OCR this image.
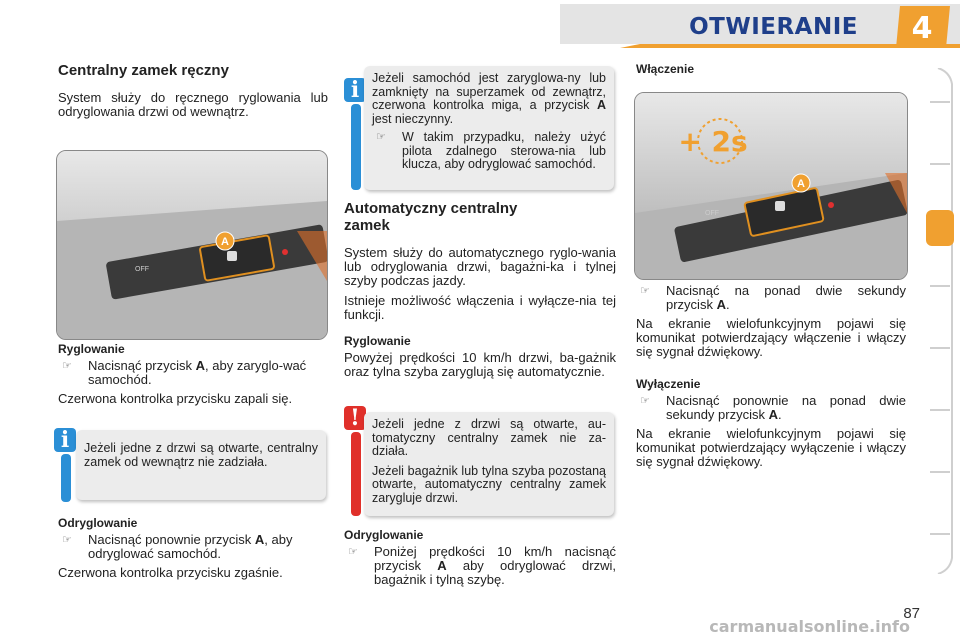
OTWIERANIE	4
Centralny zamek ręczny

System służy do ręcznego ryglowania lub odryglowania drzwi od wewnątrz.

A
OFF
Ryglowanie
☞	Nacisnąć przycisk A, aby zaryglo-wać samochód.

Czerwona kontrolka przycisku zapali się.

i	Jeżeli jedne z drzwi są otwarte, centralny zamek od wewnątrz nie zadziała.

Odryglowanie
☞	Nacisnąć ponownie przycisk A, aby odryglować samochód.

Czerwona kontrolka przycisku zgaśnie.

i	Jeżeli samochód jest zaryglowa-ny lub zamknięty na superzamek od zewnątrz, czerwona kontrolka miga, a przycisk A jest nieczynny.

☞	W takim przypadku, należy użyć pilota zdalnego sterowa-nia lub klucza, aby odryglować samochód.
Automatyczny centralny zamek

System służy do automatycznego ryglo-wania lub odryglowania drzwi, bagażni-ka i tylnej szyby podczas jazdy.

Istnieje możliwość włączenia i wyłącze-nia tej funkcji.

Ryglowanie

Powyżej prędkości 10 km/h drzwi, ba-gażnik oraz tylna szyba zaryglują się automatycznie.

! Jeżeli jedne z drzwi są otwarte, au-tomatyczny centralny zamek nie za-działa.

Jeżeli bagażnik lub tylna szyba pozostaną otwarte, automatyczny centralny zamek zarygluje drzwi.

Odryglowanie
☞	Poniżej prędkości 10 km/h nacisnąć przycisk A aby odryglować drzwi, bagażnik i tylną szybę.
Włączenie
+ 2s
A
OFF
☞	Nacisnąć na ponad dwie sekundy przycisk A.

Na ekranie wielofunkcyjnym pojawi się komunikat potwierdzający włączenie i włączy się sygnał dźwiękowy.

Wyłączenie
☞	Nacisnąć ponownie na ponad dwie sekundy przycisk A.

Na ekranie wielofunkcyjnym pojawi się komunikat potwierdzający wyłączenie i włączy się sygnał dźwiękowy.

87
carmanualsonline.info
